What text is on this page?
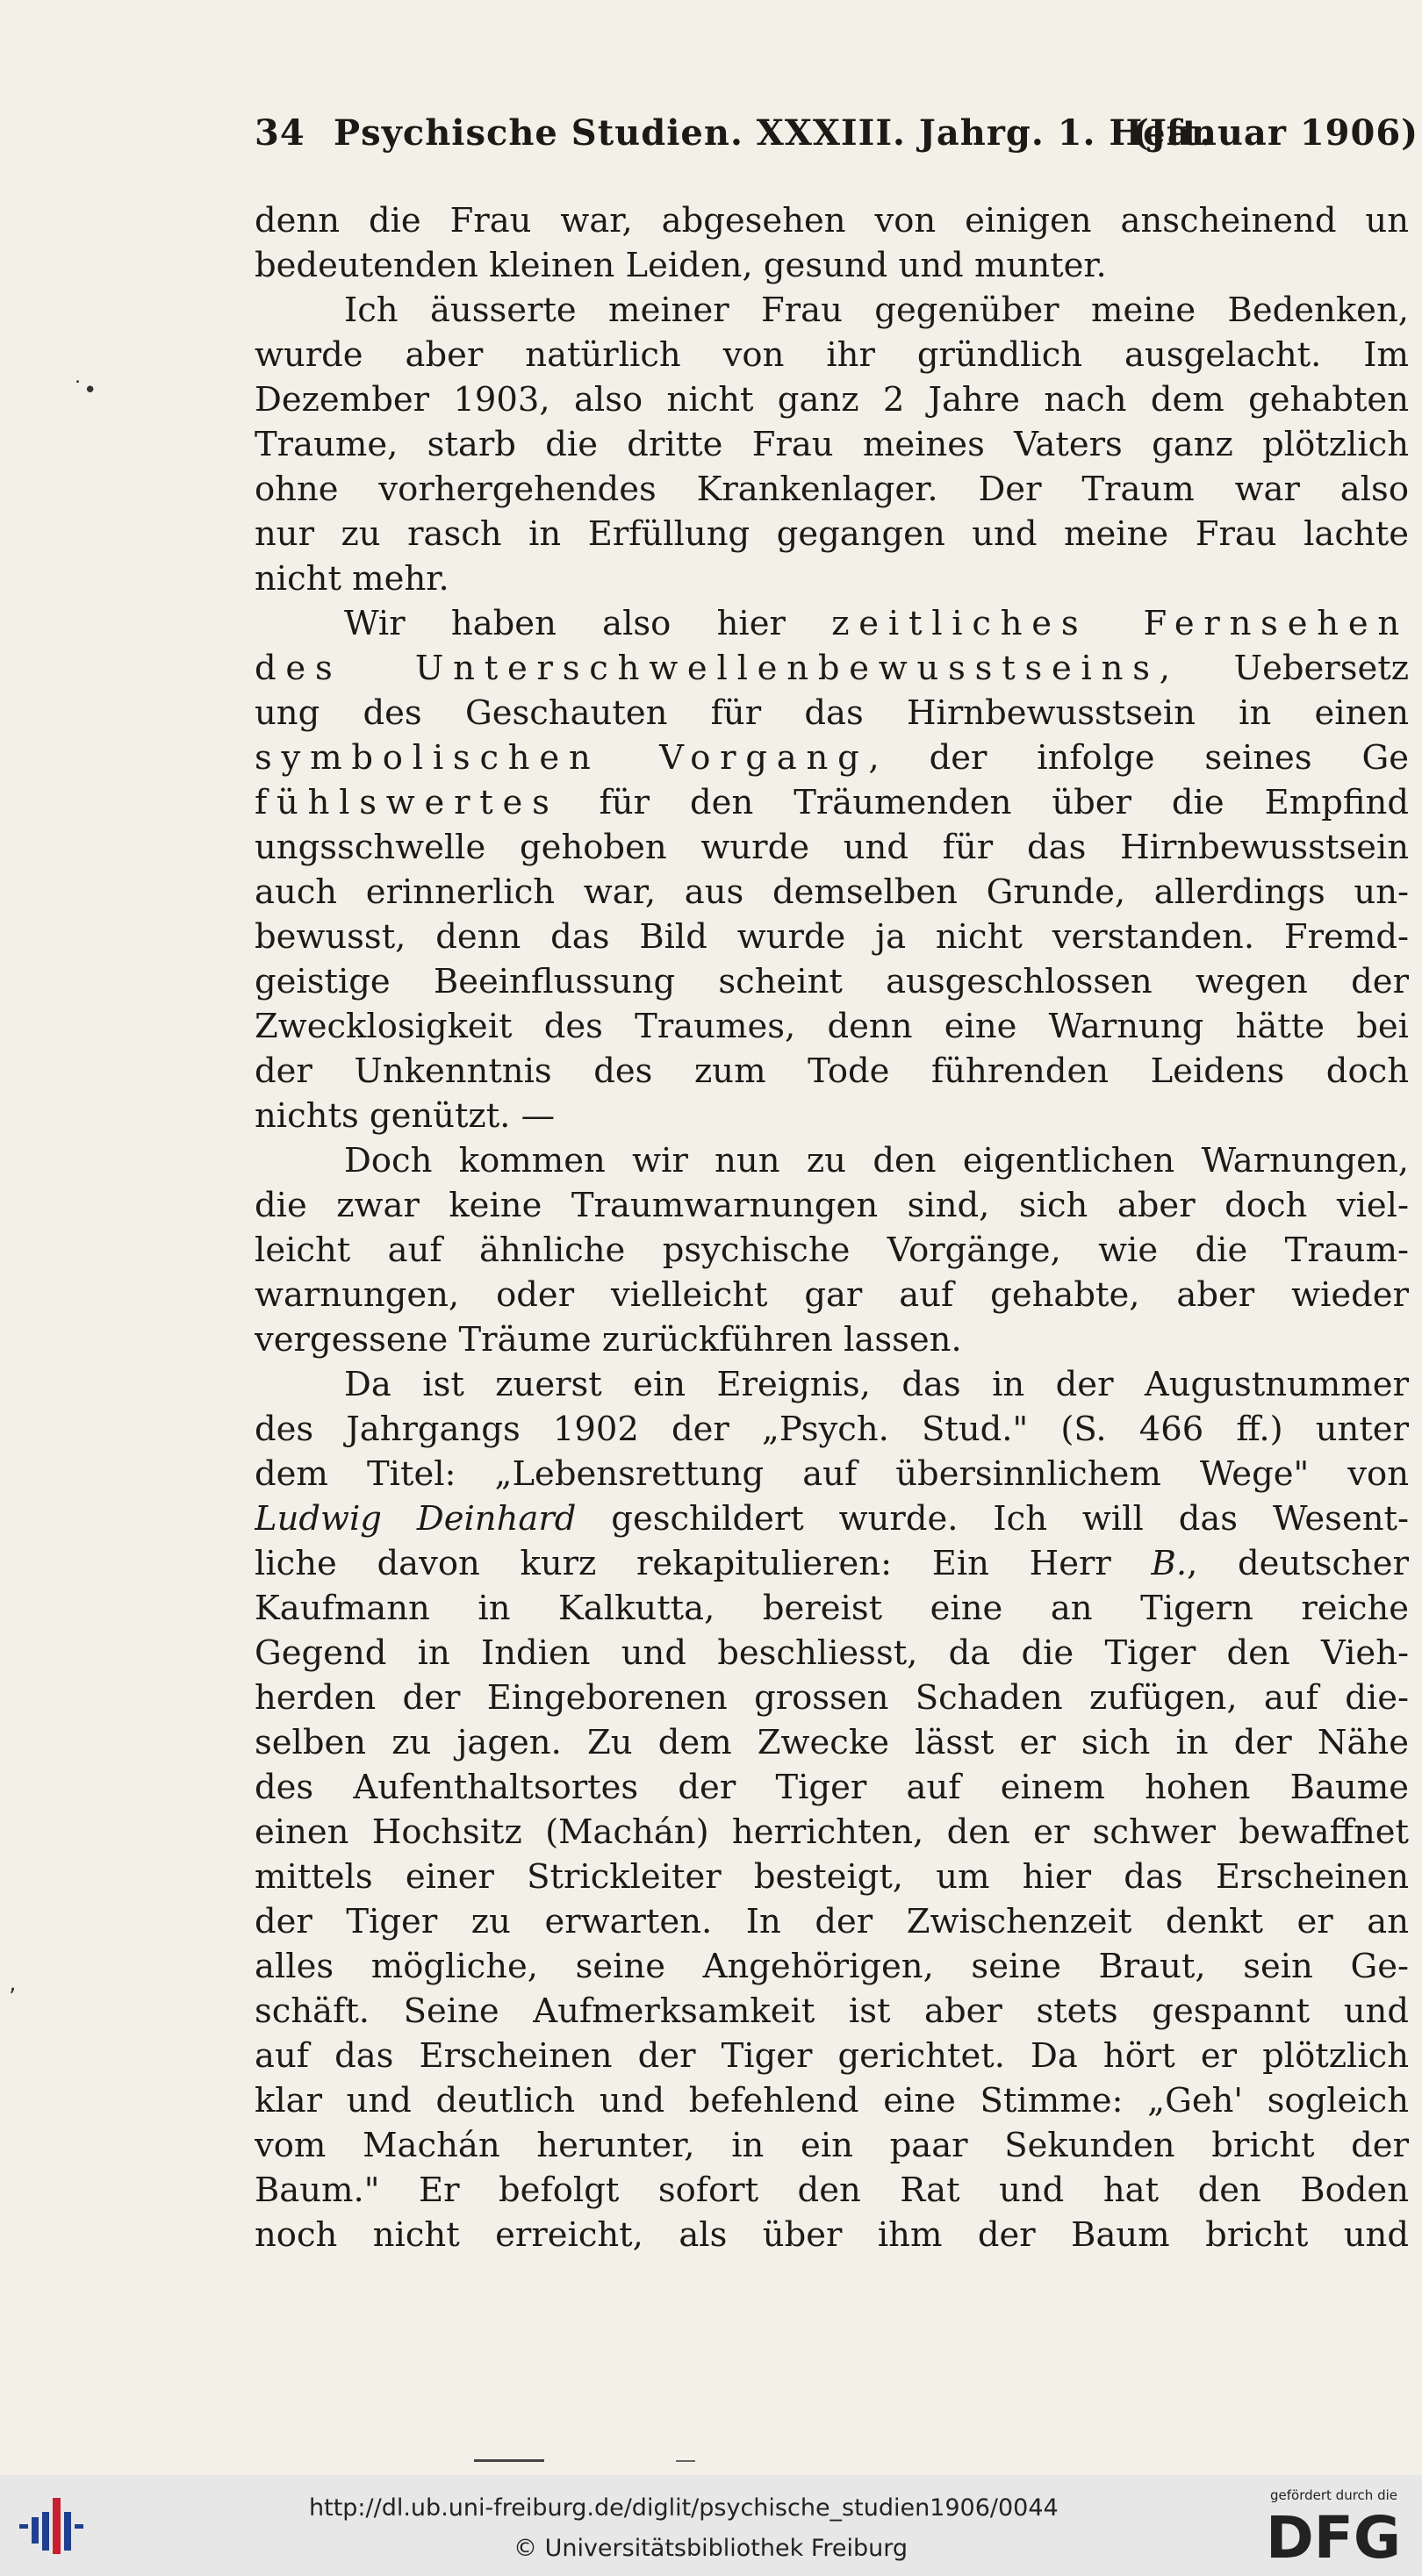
34 Psychische Studien. XXXIII. Jahrg. 1. Heft.
(Januar 1906)
denn die Frau war, abgesehen von einigen anscheinend un
bedeutenden kleinen Leiden, gesund und munter.
Ich äusserte meiner Frau gegenüber meine Bedenken,
wurde aber natürlich von ihr gründlich ausgelacht. Im
Dezember 1903, also nicht ganz 2 Jahre nach dem gehabten
Traume, starb die dritte Frau meines Vaters ganz plötzlich
ohne vorhergehendes Krankenlager. Der Traum war also
nur zu rasch in Erfüllung gegangen und meine Frau lachte
nicht mehr.
Wir haben also hier zeitliches Fernsehen
des Unterschwellenbewusstseins, Uebersetz
ung des Geschauten für das Hirnbewusstsein in einen
symbolischen Vorgang, der infolge seines Ge
fühlswertes für den Träumenden über die Empfind
ungsschwelle gehoben wurde und für das Hirnbewusstsein
auch erinnerlich war, aus demselben Grunde, allerdings un-
bewusst, denn das Bild wurde ja nicht verstanden. Fremd-
geistige Beeinflussung scheint ausgeschlossen wegen der
Zwecklosigkeit des Traumes, denn eine Warnung hätte bei
der Unkenntnis des zum Tode führenden Leidens doch
nichts genützt. —
Doch kommen wir nun zu den eigentlichen Warnungen,
die zwar keine Traumwarnungen sind, sich aber doch viel-
leicht auf ähnliche psychische Vorgänge, wie die Traum-
warnungen, oder vielleicht gar auf gehabte, aber wieder
vergessene Träume zurückführen lassen.
Da ist zuerst ein Ereignis, das in der Augustnummer
des Jahrgangs 1902 der „Psych. Stud." (S. 466 ff.) unter
dem Titel: „Lebensrettung auf übersinnlichem Wege" von
Ludwig Deinhard geschildert wurde. Ich will das Wesent-
liche davon kurz rekapitulieren: Ein Herr B., deutscher
Kaufmann in Kalkutta, bereist eine an Tigern reiche
Gegend in Indien und beschliesst, da die Tiger den Vieh-
herden der Eingeborenen grossen Schaden zufügen, auf die-
selben zu jagen. Zu dem Zwecke lässt er sich in der Nähe
des Aufenthaltsortes der Tiger auf einem hohen Baume
einen Hochsitz (Machán) herrichten, den er schwer bewaffnet
mittels einer Strickleiter besteigt, um hier das Erscheinen
der Tiger zu erwarten. In der Zwischenzeit denkt er an
alles mögliche, seine Angehörigen, seine Braut, sein Ge-
schäft. Seine Aufmerksamkeit ist aber stets gespannt und
auf das Erscheinen der Tiger gerichtet. Da hört er plötzlich
klar und deutlich und befehlend eine Stimme: „Geh' sogleich
vom Machán herunter, in ein paar Sekunden bricht der
Baum." Er befolgt sofort den Rat und hat den Boden
noch nicht erreicht, als über ihm der Baum bricht und
˙•
‚
http://dl.ub.uni-freiburg.de/diglit/psychische_studien1906/0044
© Universitätsbibliothek Freiburg
gefördert durch die
DFG
